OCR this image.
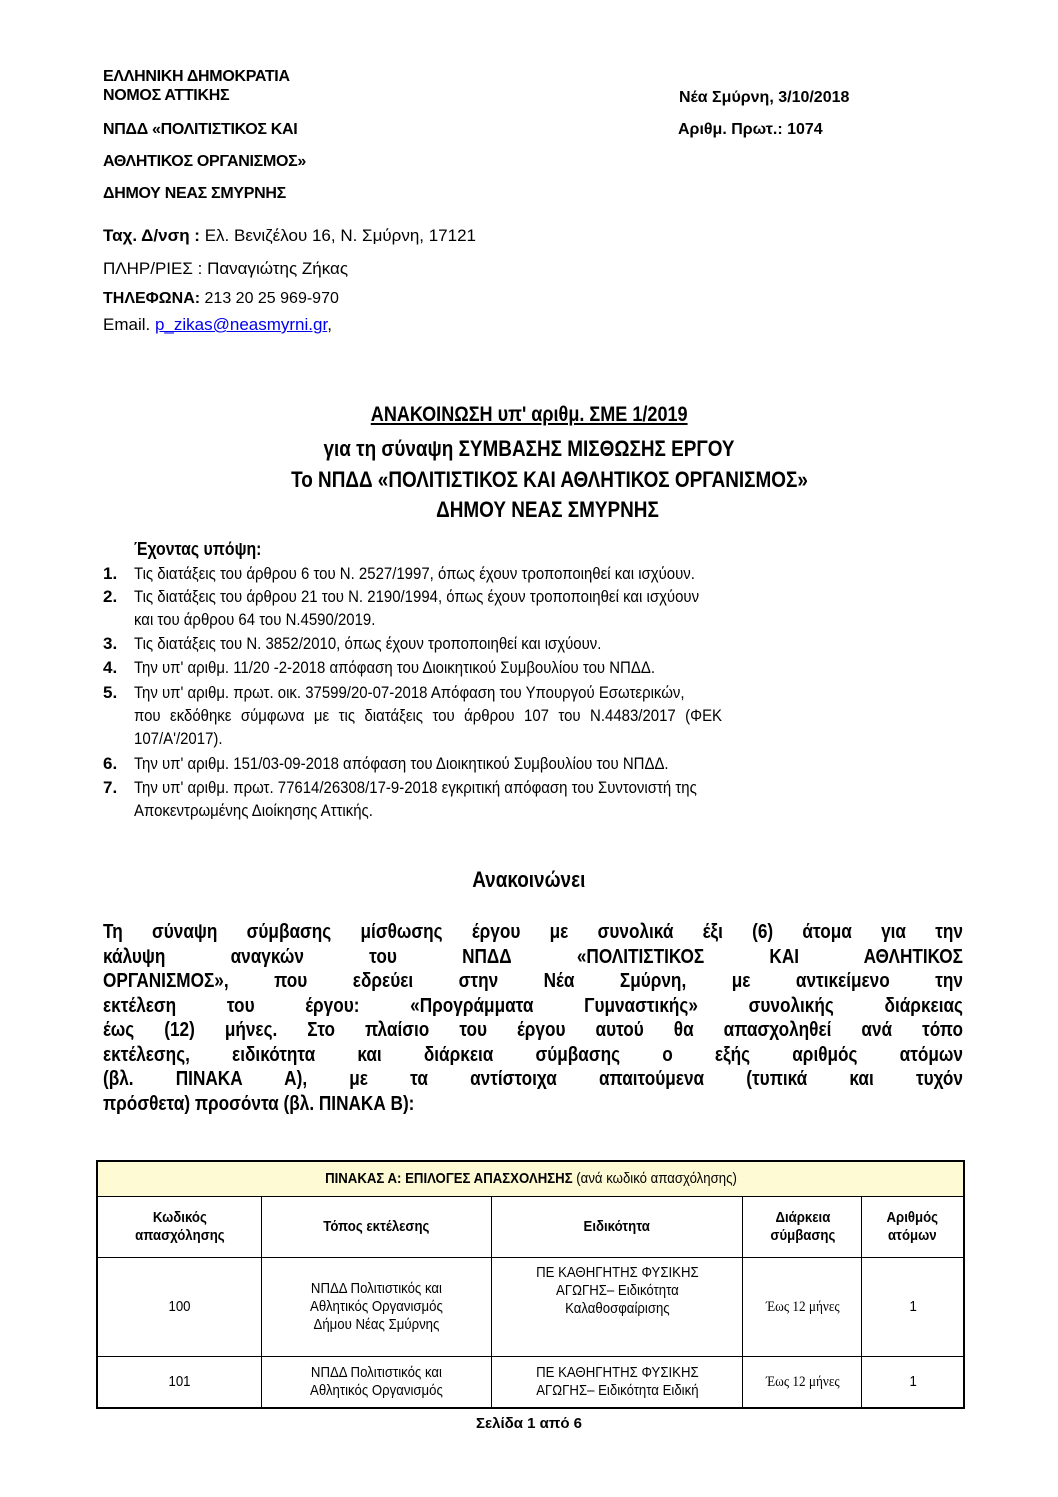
ΕΛΛΗΝΙΚΗ ΔΗΜΟΚΡΑΤΙΑ
ΝΟΜΟΣ ΑΤΤΙΚΗΣ
ΝΠΔΔ «ΠΟΛΙΤΙΣΤΙΚΟΣ ΚΑΙ
ΑΘΛΗΤΙΚΟΣ ΟΡΓΑΝΙΣΜΟΣ»
ΔΗΜΟΥ ΝΕΑΣ ΣΜΥΡΝΗΣ
Νέα Σμύρνη, 3/10/2018
Αριθμ. Πρωτ.: 1074
Ταχ. Δ/νση : Ελ. Βενιζέλου 16, Ν. Σμύρνη, 17121
ΠΛΗΡ/ΡΙΕΣ : Παναγιώτης Ζήκας
ΤΗΛΕΦΩΝΑ: 213 20 25 969-970
Email. p_zikas@neasmyrni.gr,
ΑΝΑΚΟΙΝΩΣΗ υπ' αριθμ. ΣΜΕ 1/2019
για τη σύναψη ΣΥΜΒΑΣΗΣ ΜΙΣΘΩΣΗΣ ΕΡΓΟΥ
Το ΝΠΔΔ «ΠΟΛΙΤΙΣΤΙΚΟΣ ΚΑΙ ΑΘΛΗΤΙΚΟΣ ΟΡΓΑΝΙΣΜΟΣ»
ΔΗΜΟΥ ΝΕΑΣ ΣΜΥΡΝΗΣ
Έχοντας υπόψη:
1. Τις διατάξεις του άρθρου 6 του Ν. 2527/1997, όπως έχουν τροποποιηθεί και ισχύουν.
2. Τις διατάξεις του άρθρου 21 του Ν. 2190/1994, όπως έχουν τροποποιηθεί και ισχύουν
και του άρθρου 64 του Ν.4590/2019.
3. Τις διατάξεις του Ν. 3852/2010, όπως έχουν τροποποιηθεί και ισχύουν.
4. Την υπ' αριθμ. 11/20 -2-2018 απόφαση του Διοικητικού Συμβουλίου του ΝΠΔΔ.
5. Την υπ' αριθμ. πρωτ. οικ. 37599/20-07-2018 Απόφαση του Υπουργού Εσωτερικών,
που εκδόθηκε σύμφωνα με τις διατάξεις του άρθρου 107 του Ν.4483/2017 (ΦΕΚ
107/Α'/2017).
6. Την υπ' αριθμ. 151/03-09-2018 απόφαση του Διοικητικού Συμβουλίου του ΝΠΔΔ.
7. Την υπ' αριθμ. πρωτ. 77614/26308/17-9-2018 εγκριτική απόφαση του Συντονιστή της
Αποκεντρωμένης Διοίκησης Αττικής.
Ανακοινώνει
Τη σύναψη σύμβασης μίσθωσης έργου με συνολικά έξι (6) άτομα για την
κάλυψη αναγκών του ΝΠΔΔ «ΠΟΛΙΤΙΣΤΙΚΟΣ ΚΑΙ ΑΘΛΗΤΙΚΟΣ
ΟΡΓΑΝΙΣΜΟΣ», που εδρεύει στην Νέα Σμύρνη, με αντικείμενο την
εκτέλεση του έργου: «Προγράμματα Γυμναστικής» συνολικής διάρκειας
έως (12) μήνες. Στο πλαίσιο του έργου αυτού θα απασχοληθεί ανά τόπο
εκτέλεσης, ειδικότητα και διάρκεια σύμβασης ο εξής αριθμός ατόμων
(βλ. ΠΙΝΑΚΑ Α), με τα αντίστοιχα απαιτούμενα (τυπικά και τυχόν
πρόσθετα) προσόντα (βλ. ΠΙΝΑΚΑ Β):
ΠΙΝΑΚΑΣ Α: ΕΠΙΛΟΓΕΣ ΑΠΑΣΧΟΛΗΣΗΣ (ανά κωδικό απασχόλησης)				
Κωδικός
απασχόλησης	Τόπος εκτέλεσης	Ειδικότητα	Διάρκεια
σύμβασης	Αριθμός
ατόμων
100	ΝΠΔΔ Πολιτιστικός και
Αθλητικός Οργανισμός
Δήμου Νέας Σμύρνης	ΠΕ ΚΑΘΗΓΗΤΗΣ ΦΥΣΙΚΗΣ
ΑΓΩΓΗΣ– Ειδικότητα
Καλαθοσφαίρισης	Έως 12 μήνες	1
101	ΝΠΔΔ Πολιτιστικός και
Αθλητικός Οργανισμός	ΠΕ ΚΑΘΗΓΗΤΗΣ ΦΥΣΙΚΗΣ
ΑΓΩΓΗΣ– Ειδικότητα Ειδική	Έως 12 μήνες	1
Σελίδα 1 από 6
